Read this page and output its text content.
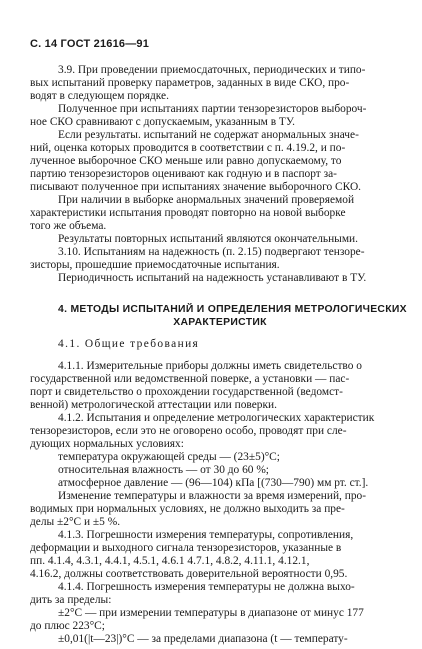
С. 14 ГОСТ 21616—91
3.9. При проведении приемосдаточных, периодических и типо-
вых испытаний проверку параметров, заданных в виде СКО, про-
водят в следующем порядке.
Полученное при испытаниях партии тензорезисторов выбороч-
ное СКО сравнивают с допускаемым, указанным в ТУ.
Если результаты. испытаний не содержат анормальных значе-
ний, оценка которых проводится в соответствии с п. 4.19.2, и по-
лученное выборочное СКО меньше или равно допускаемому, то
партию тензорезисторов оценивают как годную и в паспорт за-
писывают полученное при испытаниях значение выборочного СКО.
При наличии в выборке анормальных значений проверяемой
характеристики испытания проводят повторно на новой выборке
того же объема.
Результаты повторных испытаний являются окончательными.
3.10. Испытаниям на надежность (п. 2.15) подвергают тензоре-
зисторы, прошедшие приемосдаточные испытания.
Периодичность испытаний на надежность устанавливают в ТУ.
4. МЕТОДЫ ИСПЫТАНИЙ И ОПРЕДЕЛЕНИЯ МЕТРОЛОГИЧЕСКИХ
ХАРАКТЕРИСТИК
4.1. Общие требования
4.1.1. Измерительные приборы должны иметь свидетельство о
государственной или ведомственной поверке, а установки — пас-
порт и свидетельство о прохождении государственной (ведомст-
венной) метрологической аттестации или поверки.
4.1.2. Испытания и определение метрологических характеристик
тензорезисторов, если это не оговорено особо, проводят при сле-
дующих нормальных условиях:
температура окружающей среды — (23±5)°C;
относительная влажность — от 30 до 60 %;
атмосферное давление — (96—104) кПа [(730—790) мм рт. ст.].
Изменение температуры и влажности за время измерений, про-
водимых при нормальных условиях, не должно выходить за пре-
делы ±2°C и ±5 %.
4.1.3. Погрешности измерения температуры, сопротивления,
деформации и выходного сигнала тензорезисторов, указанные в
пп. 4.1.4, 4.3.1, 4.4.1, 4.5.1, 4.6.1 4.7.1, 4.8.2, 4.11.1, 4.12.1,
4.16.2, должны соответствовать доверительной вероятности 0,95.
4.1.4. Погрешность измерения температуры не должна выхо-
дить за пределы:
±2°C — при измерении температуры в диапазоне от минус 177
до плюс 223°C;
±0,01(|t—23|)°C — за пределами диапазона (t — температу-
